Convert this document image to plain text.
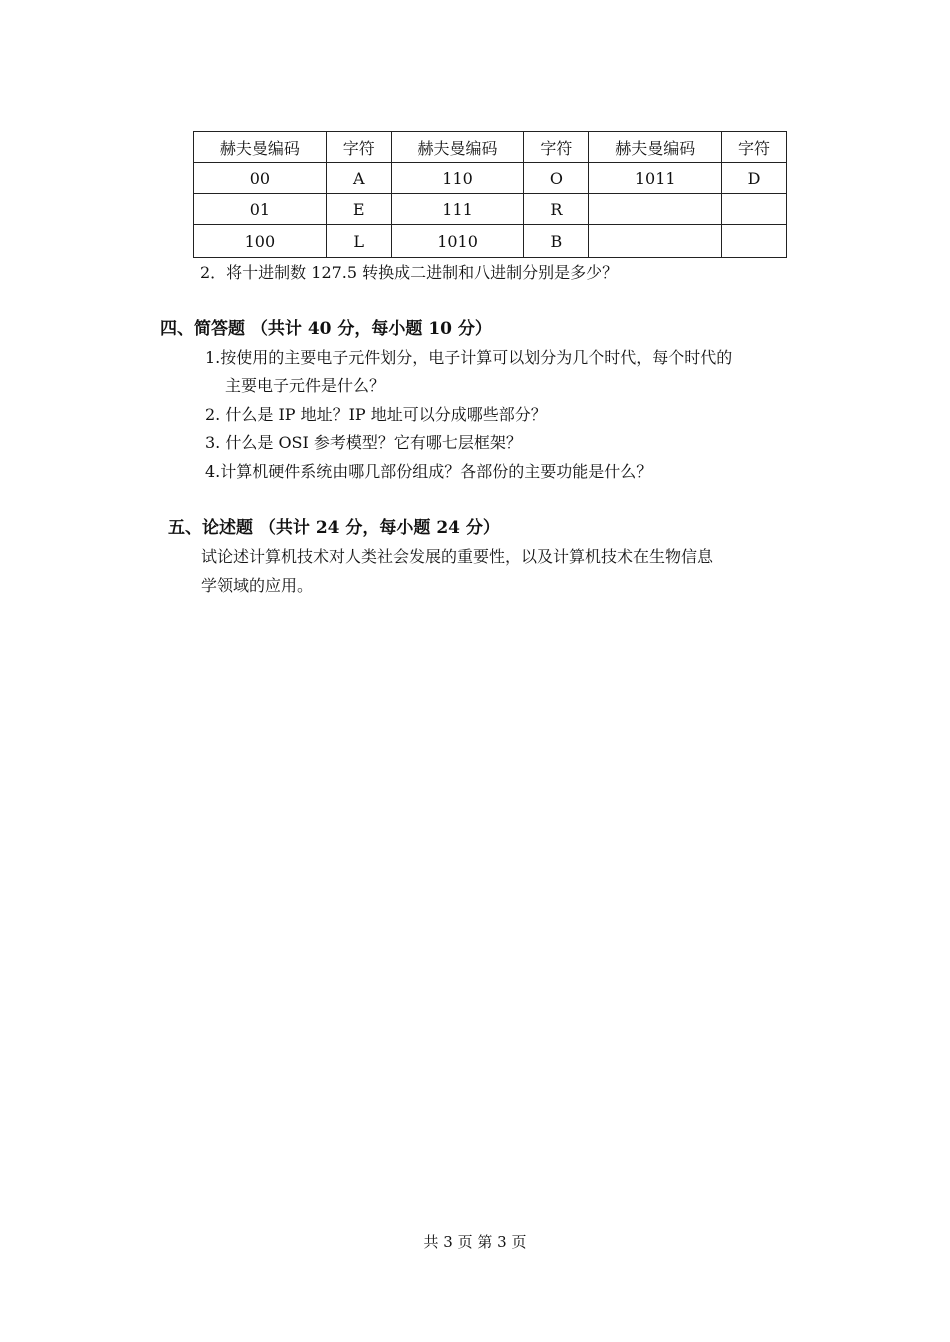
赫夫曼编码	字符	赫夫曼编码	字符	赫夫曼编码	字符
00	A	110	O	1011	D
01	E	111	R		
100	L	1010	B		
2．将十进制数 127.5 转换成二进制和八进制分别是多少？
四、简答题 （共计 40 分，每小题 10 分）
1.按使用的主要电子元件划分，电子计算可以划分为几个时代，每个时代的
主要电子元件是什么？
2. 什么是 IP 地址？IP 地址可以分成哪些部分？
3. 什么是 OSI 参考模型？它有哪七层框架？
4.计算机硬件系统由哪几部份组成？各部份的主要功能是什么？
五、论述题 （共计 24 分，每小题 24 分）
试论述计算机技术对人类社会发展的重要性，以及计算机技术在生物信息
学领域的应用。
共 3 页 第 3 页
